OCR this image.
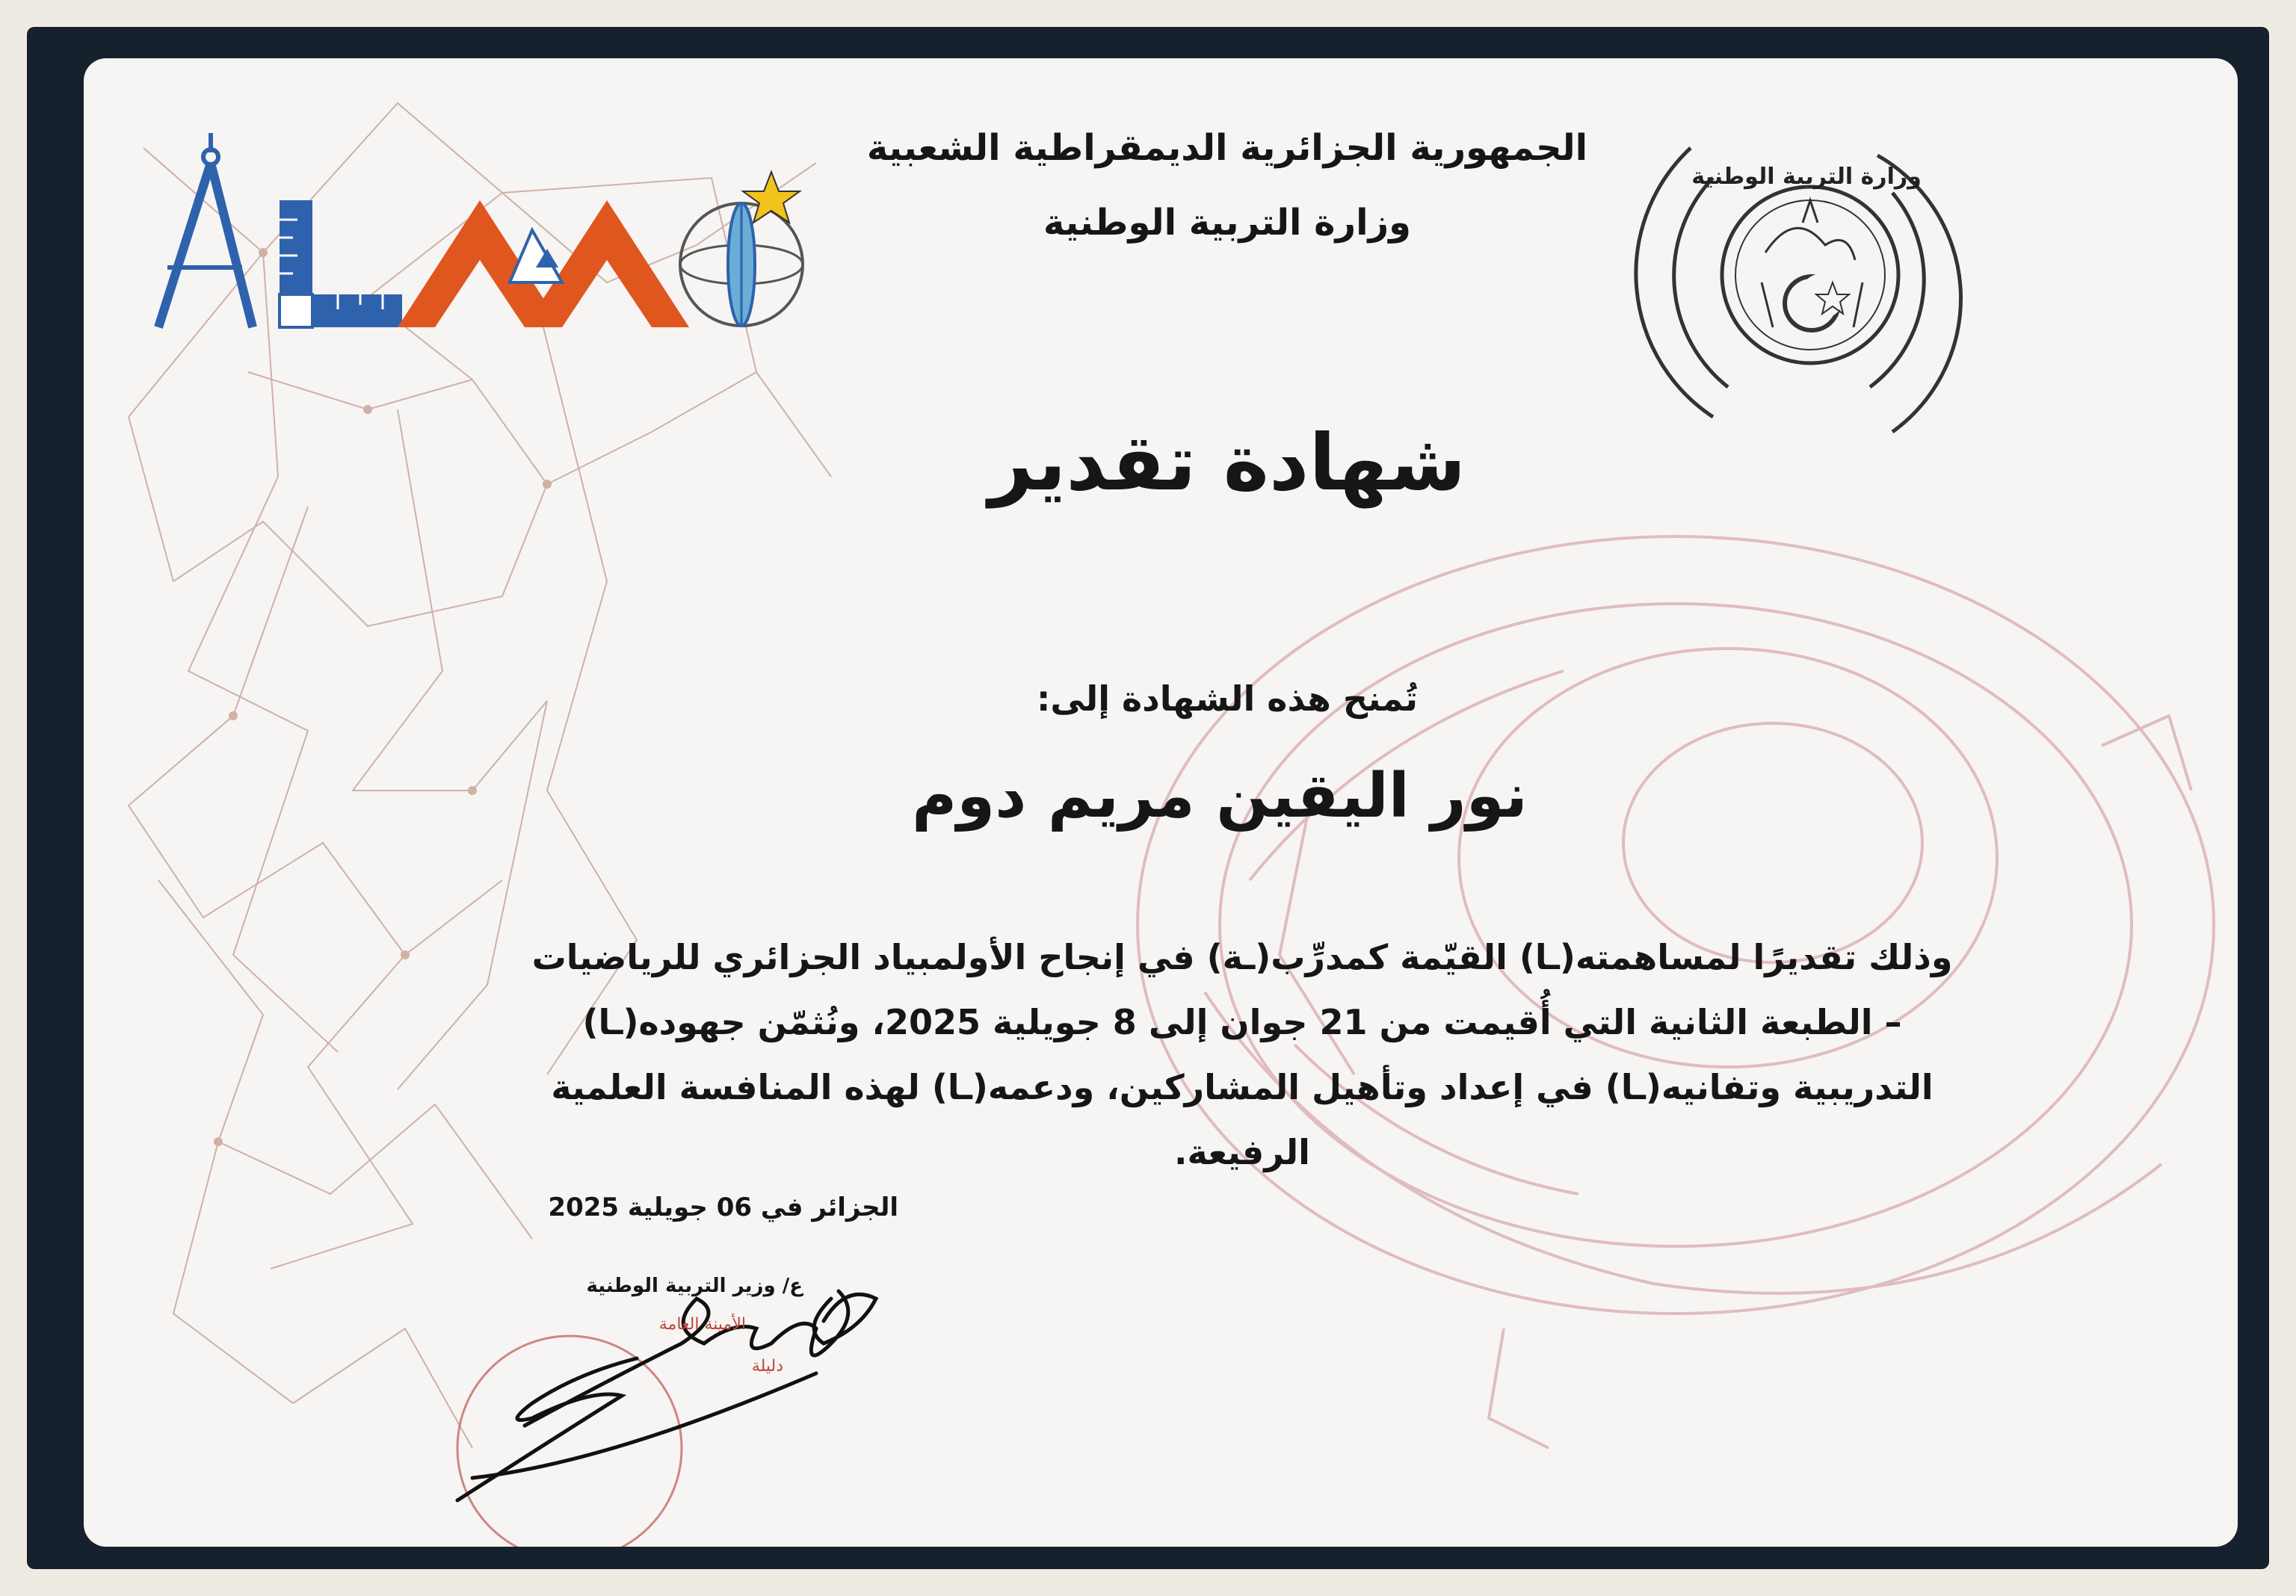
وزارة التربية الوطنية
الجمهورية الجزائرية الديمقراطية الشعبية
وزارة التربية الوطنية
شهادة تقدير
تُمنح هذه الشهادة إلى:
نور اليقين مريم دوم
وذلك تقديرًا لمساهمته(ـا) القيّمة كمدرِّب(ـة) في إنجاح الأولمبياد الجزائري للرياضيات
– الطبعة الثانية التي أُقيمت من 21 جوان إلى 8 جويلية 2025، ونُثمّن جهوده(ـا)
التدريبية وتفانيه(ـا) في إعداد وتأهيل المشاركين، ودعمه(ـا) لهذه المنافسة العلمية
الرفيعة.
الجزائر في 06 جويلية 2025
ع/ وزير التربية الوطنية
الأمينة العامة
دليلة
